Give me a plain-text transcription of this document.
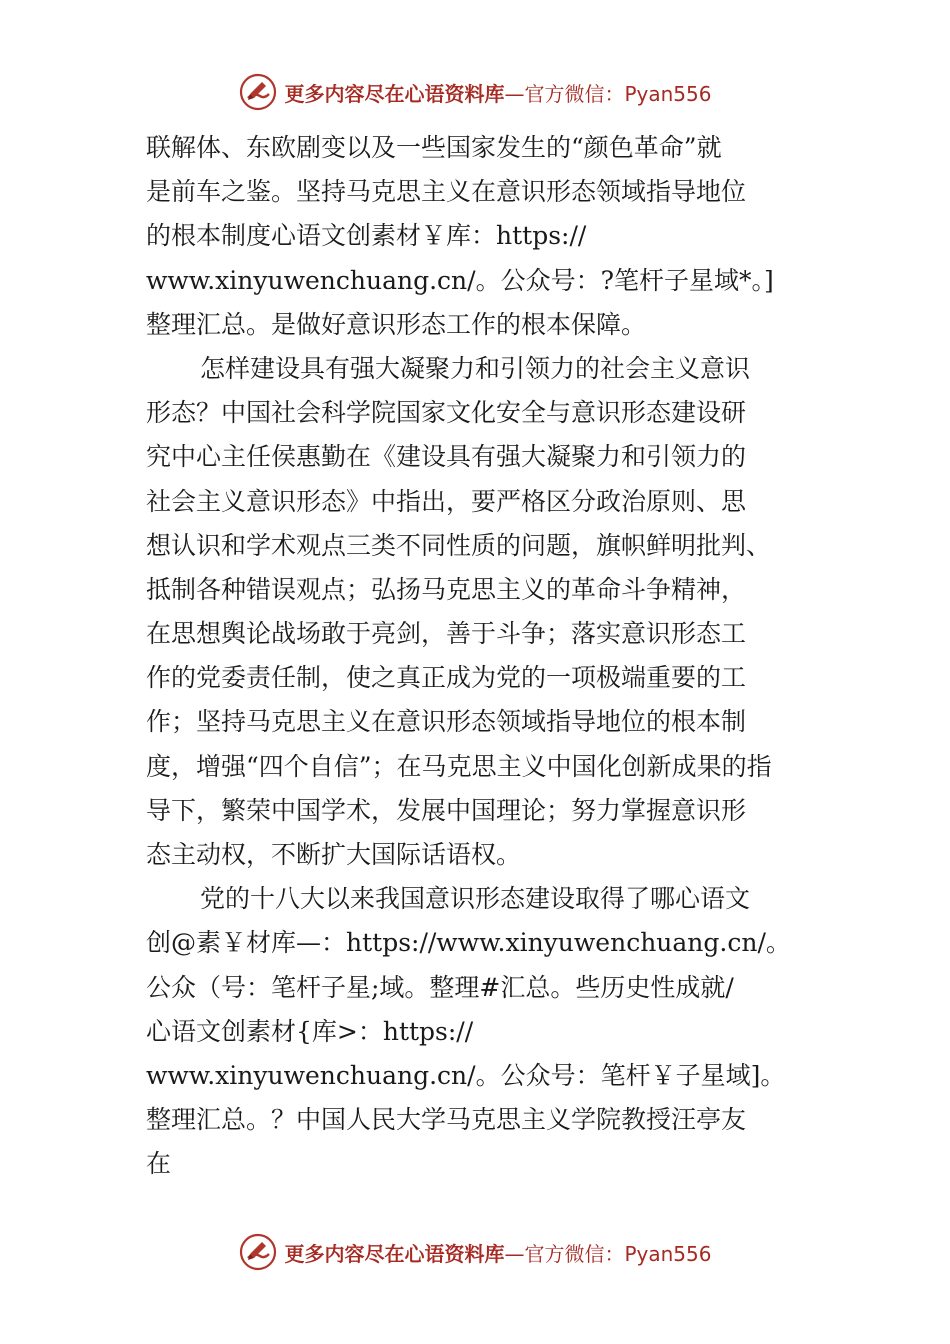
更多内容尽在心语资料库—官方微信：Pyan556
联解体、东欧剧变以及一些国家发生的“颜色革命”就
是前车之鉴。坚持马克思主义在意识形态领域指导地位
的根本制度心语文创素材￥库：https://
www.xinyuwenchuang.cn/。公众号：?笔杆子星域*。]
整理汇总。是做好意识形态工作的根本保障。
怎样建设具有强大凝聚力和引领力的社会主义意识
形态？中国社会科学院国家文化安全与意识形态建设研
究中心主任侯惠勤在《建设具有强大凝聚力和引领力的
社会主义意识形态》中指出，要严格区分政治原则、思
想认识和学术观点三类不同性质的问题，旗帜鲜明批判、
抵制各种错误观点；弘扬马克思主义的革命斗争精神，
在思想舆论战场敢于亮剑，善于斗争；落实意识形态工
作的党委责任制，使之真正成为党的一项极端重要的工
作；坚持马克思主义在意识形态领域指导地位的根本制
度，增强“四个自信”；在马克思主义中国化创新成果的指
导下，繁荣中国学术，发展中国理论；努力掌握意识形
态主动权，不断扩大国际话语权。
党的十八大以来我国意识形态建设取得了哪心语文
创@素￥材库—：https://www.xinyuwenchuang.cn/。
公众（号：笔杆子星;域。整理#汇总。些历史性成就/
心语文创素材{库>：https://
www.xinyuwenchuang.cn/。公众号：笔杆￥子星域]。
整理汇总。？中国人民大学马克思主义学院教授汪亭友
在
更多内容尽在心语资料库—官方微信：Pyan556
